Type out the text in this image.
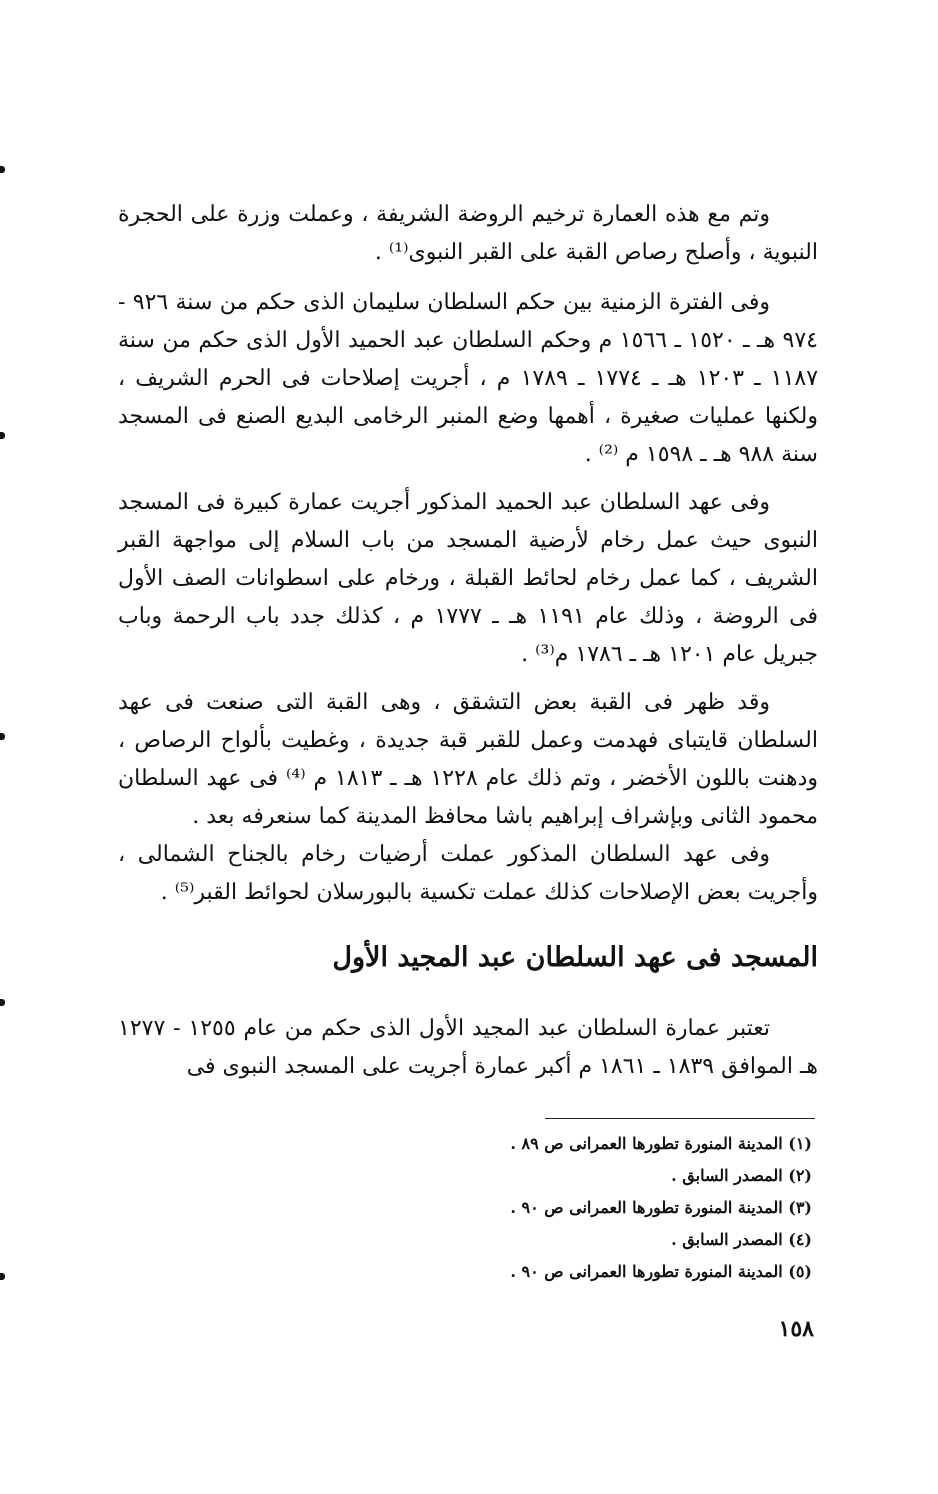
وتم مع هذه العمارة ترخيم الروضة الشريفة ، وعملت وزرة على الحجرة النبوية ، وأصلح رصاص القبة على القبر النبوى⁽¹⁾ .

وفى الفترة الزمنية بين حكم السلطان سليمان الذى حكم من سنة ٩٢٦ - ٩٧٤ هـ ـ ١٥٢٠ ـ ١٥٦٦ م وحكم السلطان عبد الحميد الأول الذى حكم من سنة ١١٨٧ ـ ١٢٠٣ هـ ـ ١٧٧٤ ـ ١٧٨٩ م ، أجريت إصلاحات فى الحرم الشريف ، ولكنها عمليات صغيرة ، أهمها وضع المنبر الرخامى البديع الصنع فى المسجد سنة ٩٨٨ هـ ـ ١٥٩٨ م ⁽²⁾ .

وفى عهد السلطان عبد الحميد المذكور أجريت عمارة كبيرة فى المسجد النبوى حيث عمل رخام لأرضية المسجد من باب السلام إلى مواجهة القبر الشريف ، كما عمل رخام لحائط القبلة ، ورخام على اسطوانات الصف الأول فى الروضة ، وذلك عام ١١٩١ هـ ـ ١٧٧٧ م ، كذلك جدد باب الرحمة وباب جبريل عام ١٢٠١ هـ ـ ١٧٨٦ م⁽³⁾ .

وقد ظهر فى القبة بعض التشقق ، وهى القبة التى صنعت فى عهد السلطان قايتباى فهدمت وعمل للقبر قبة جديدة ، وغطيت بألواح الرصاص ، ودهنت باللون الأخضر ، وتم ذلك عام ١٢٢٨ هـ ـ ١٨١٣ م ⁽⁴⁾ فى عهد السلطان محمود الثانى وبإشراف إبراهيم باشا محافظ المدينة كما سنعرفه بعد .

وفى عهد السلطان المذكور عملت أرضيات رخام بالجناح الشمالى ، وأجريت بعض الإصلاحات كذلك عملت تكسية بالبورسلان لحوائط القبر⁽⁵⁾ .

المسجد فى عهد السلطان عبد المجيد الأول

تعتبر عمارة السلطان عبد المجيد الأول الذى حكم من عام ١٢٥٥ - ١٢٧٧ هـ الموافق ١٨٣٩ ـ ١٨٦١ م أكبر عمارة أجريت على المسجد النبوى فى

(١) المدينة المنورة تطورها العمرانى ص ٨٩ .
(٢) المصدر السابق .
(٣) المدينة المنورة تطورها العمرانى ص ٩٠ .
(٤) المصدر السابق .
(٥) المدينة المنورة تطورها العمرانى ص ٩٠ .
١٥٨
